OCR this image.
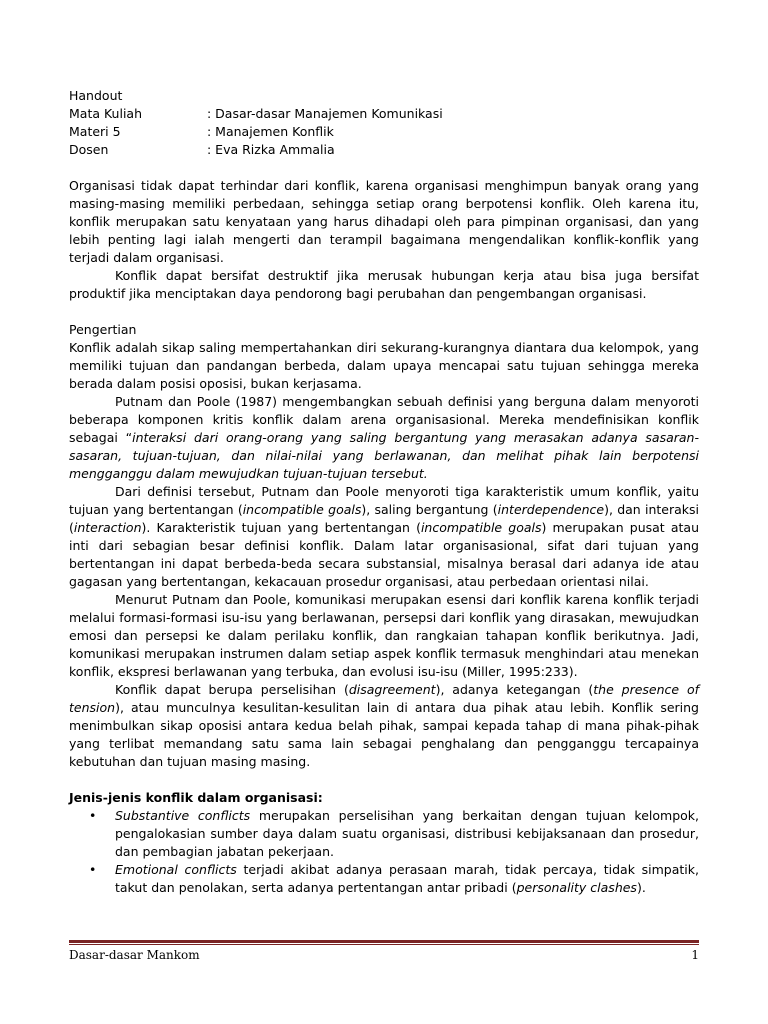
Handout
Mata Kuliah	: Dasar-dasar Manajemen Komunikasi
Materi 5	: Manajemen Konflik
Dosen	: Eva Rizka Ammalia

Organisasi tidak dapat terhindar dari konflik, karena organisasi menghimpun banyak orang yang masing-masing memiliki perbedaan, sehingga setiap orang berpotensi konflik. Oleh karena itu, konflik merupakan satu kenyataan yang harus dihadapi oleh para pimpinan organisasi, dan yang lebih penting lagi ialah mengerti dan terampil bagaimana mengendalikan konflik-konflik yang terjadi dalam organisasi.

Konflik dapat bersifat destruktif jika merusak hubungan kerja atau bisa juga bersifat produktif jika menciptakan daya pendorong bagi perubahan dan pengembangan organisasi.

Pengertian

Konflik adalah sikap saling mempertahankan diri sekurang-kurangnya diantara dua kelompok, yang memiliki tujuan dan pandangan berbeda, dalam upaya mencapai satu tujuan sehingga mereka berada dalam posisi oposisi, bukan kerjasama.

Putnam dan Poole (1987) mengembangkan sebuah definisi yang berguna dalam menyoroti beberapa komponen kritis konflik dalam arena organisasional. Mereka mendefinisikan konflik sebagai “interaksi dari orang-orang yang saling bergantung yang merasakan adanya sasaran-sasaran, tujuan-tujuan, dan nilai-nilai yang berlawanan, dan melihat pihak lain berpotensi mengganggu dalam mewujudkan tujuan-tujuan tersebut.

Dari definisi tersebut, Putnam dan Poole menyoroti tiga karakteristik umum konflik, yaitu tujuan yang bertentangan (incompatible goals), saling bergantung (interdependence), dan interaksi (interaction). Karakteristik tujuan yang bertentangan (incompatible goals) merupakan pusat atau inti dari sebagian besar definisi konflik. Dalam latar organisasional, sifat dari tujuan yang bertentangan ini dapat berbeda-beda secara substansial, misalnya berasal dari adanya ide atau gagasan yang bertentangan, kekacauan prosedur organisasi, atau perbedaan orientasi nilai.

Menurut Putnam dan Poole, komunikasi merupakan esensi dari konflik karena konflik terjadi melalui formasi-formasi isu-isu yang berlawanan, persepsi dari konflik yang dirasakan, mewujudkan emosi dan persepsi ke dalam perilaku konflik, dan rangkaian tahapan konflik berikutnya. Jadi, komunikasi merupakan instrumen dalam setiap aspek konflik termasuk menghindari atau menekan konflik, ekspresi berlawanan yang terbuka, dan evolusi isu-isu (Miller, 1995:233).

Konflik dapat berupa perselisihan (disagreement), adanya ketegangan (the presence of tension), atau munculnya kesulitan-kesulitan lain di antara dua pihak atau lebih. Konflik sering menimbulkan sikap oposisi antara kedua belah pihak, sampai kepada tahap di mana pihak-pihak yang terlibat memandang satu sama lain sebagai penghalang dan pengganggu tercapainya kebutuhan dan tujuan masing masing.

Jenis-jenis konflik dalam organisasi:
• Substantive conflicts merupakan perselisihan yang berkaitan dengan tujuan kelompok, pengalokasian sumber daya dalam suatu organisasi, distribusi kebijaksanaan dan prosedur, dan pembagian jabatan pekerjaan.
• Emotional conflicts terjadi akibat adanya perasaan marah, tidak percaya, tidak simpatik, takut dan penolakan, serta adanya pertentangan antar pribadi (personality clashes).
Dasar-dasar Mankom	1
